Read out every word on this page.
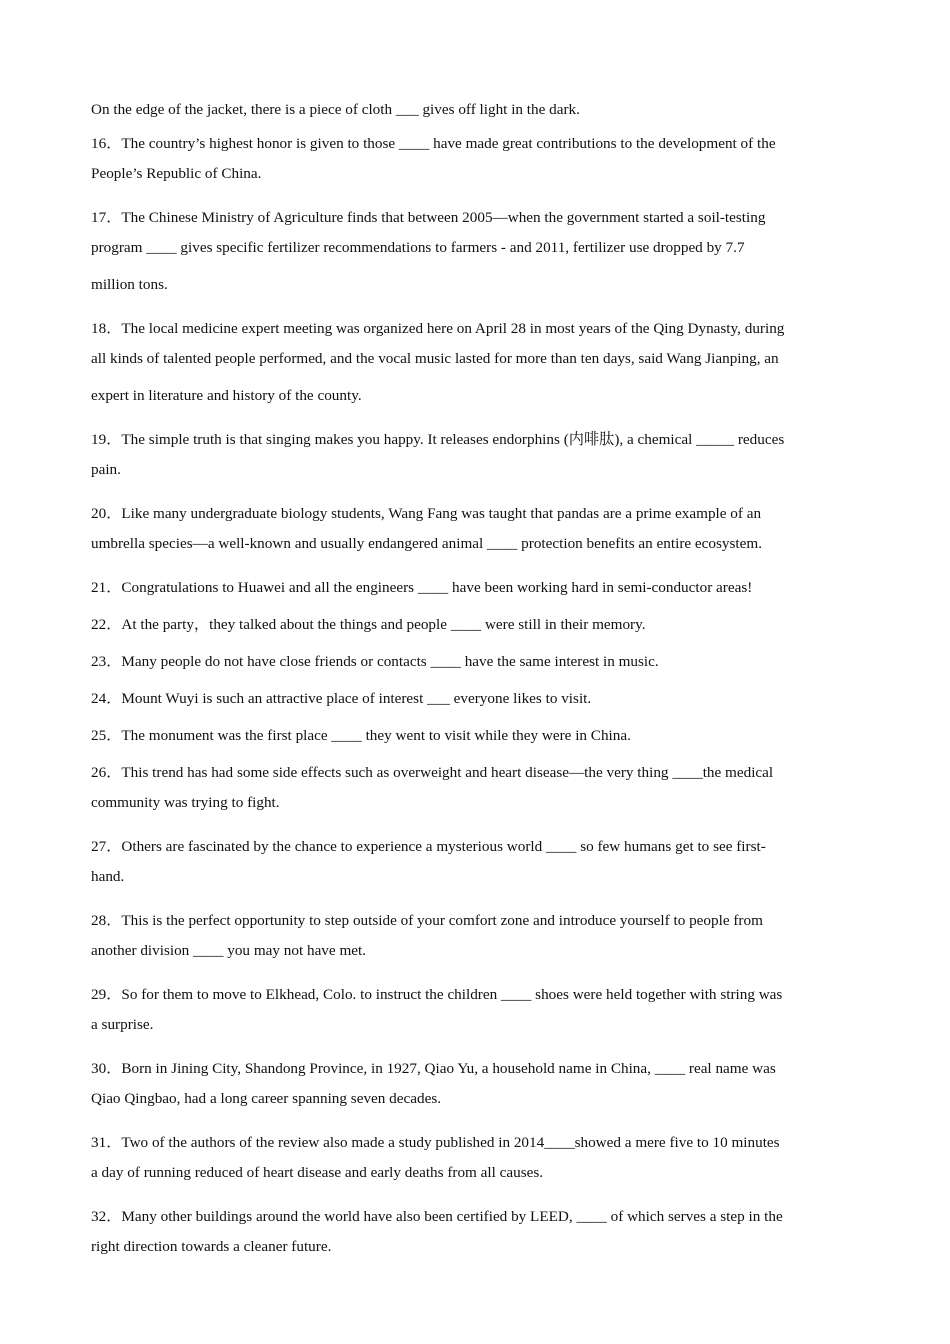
On the edge of the jacket, there is a piece of cloth ___ gives off light in the dark.
16．The country’s highest honor is given to those ____ have made great contributions to the development of the
People’s Republic of China.
17．The Chinese Ministry of Agriculture finds that between 2005—when the government started a soil-testing
program ____ gives specific fertilizer recommendations to farmers - and 2011, fertilizer use dropped by 7.7
million tons.
18．The local medicine expert meeting was organized here on April 28 in most years of the Qing Dynasty, during
all kinds of talented people performed, and the vocal music lasted for more than ten days, said Wang Jianping, an
expert in literature and history of the county.
19．The simple truth is that singing makes you happy. It releases endorphins (内啡肽), a chemical _____ reduces
pain.
20．Like many undergraduate biology students, Wang Fang was taught that pandas are a prime example of an
umbrella species—a well-known and usually endangered animal ____ protection benefits an entire ecosystem.
21．Congratulations to Huawei and all the engineers ____ have been working hard in semi-conductor areas!
22．At the party，they talked about the things and people ____ were still in their memory.
23．Many people do not have close friends or contacts ____ have the same interest in music.
24．Mount Wuyi is such an attractive place of interest ___ everyone likes to visit.
25．The monument was the first place ____ they went to visit while they were in China.
26．This trend has had some side effects such as overweight and heart disease—the very thing ____the medical
community was trying to fight.
27．Others are fascinated by the chance to experience a mysterious world ____ so few humans get to see first-
hand.
28．This is the perfect opportunity to step outside of your comfort zone and introduce yourself to people from
another division ____ you may not have met.
29．So for them to move to Elkhead, Colo. to instruct the children ____ shoes were held together with string was
a surprise.
30．Born in Jining City, Shandong Province, in 1927, Qiao Yu, a household name in China, ____ real name was
Qiao Qingbao, had a long career spanning seven decades.
31．Two of the authors of the review also made a study published in 2014____showed a mere five to 10 minutes
a day of running reduced of heart disease and early deaths from all causes.
32．Many other buildings around the world have also been certified by LEED, ____ of which serves a step in the
right direction towards a cleaner future.
